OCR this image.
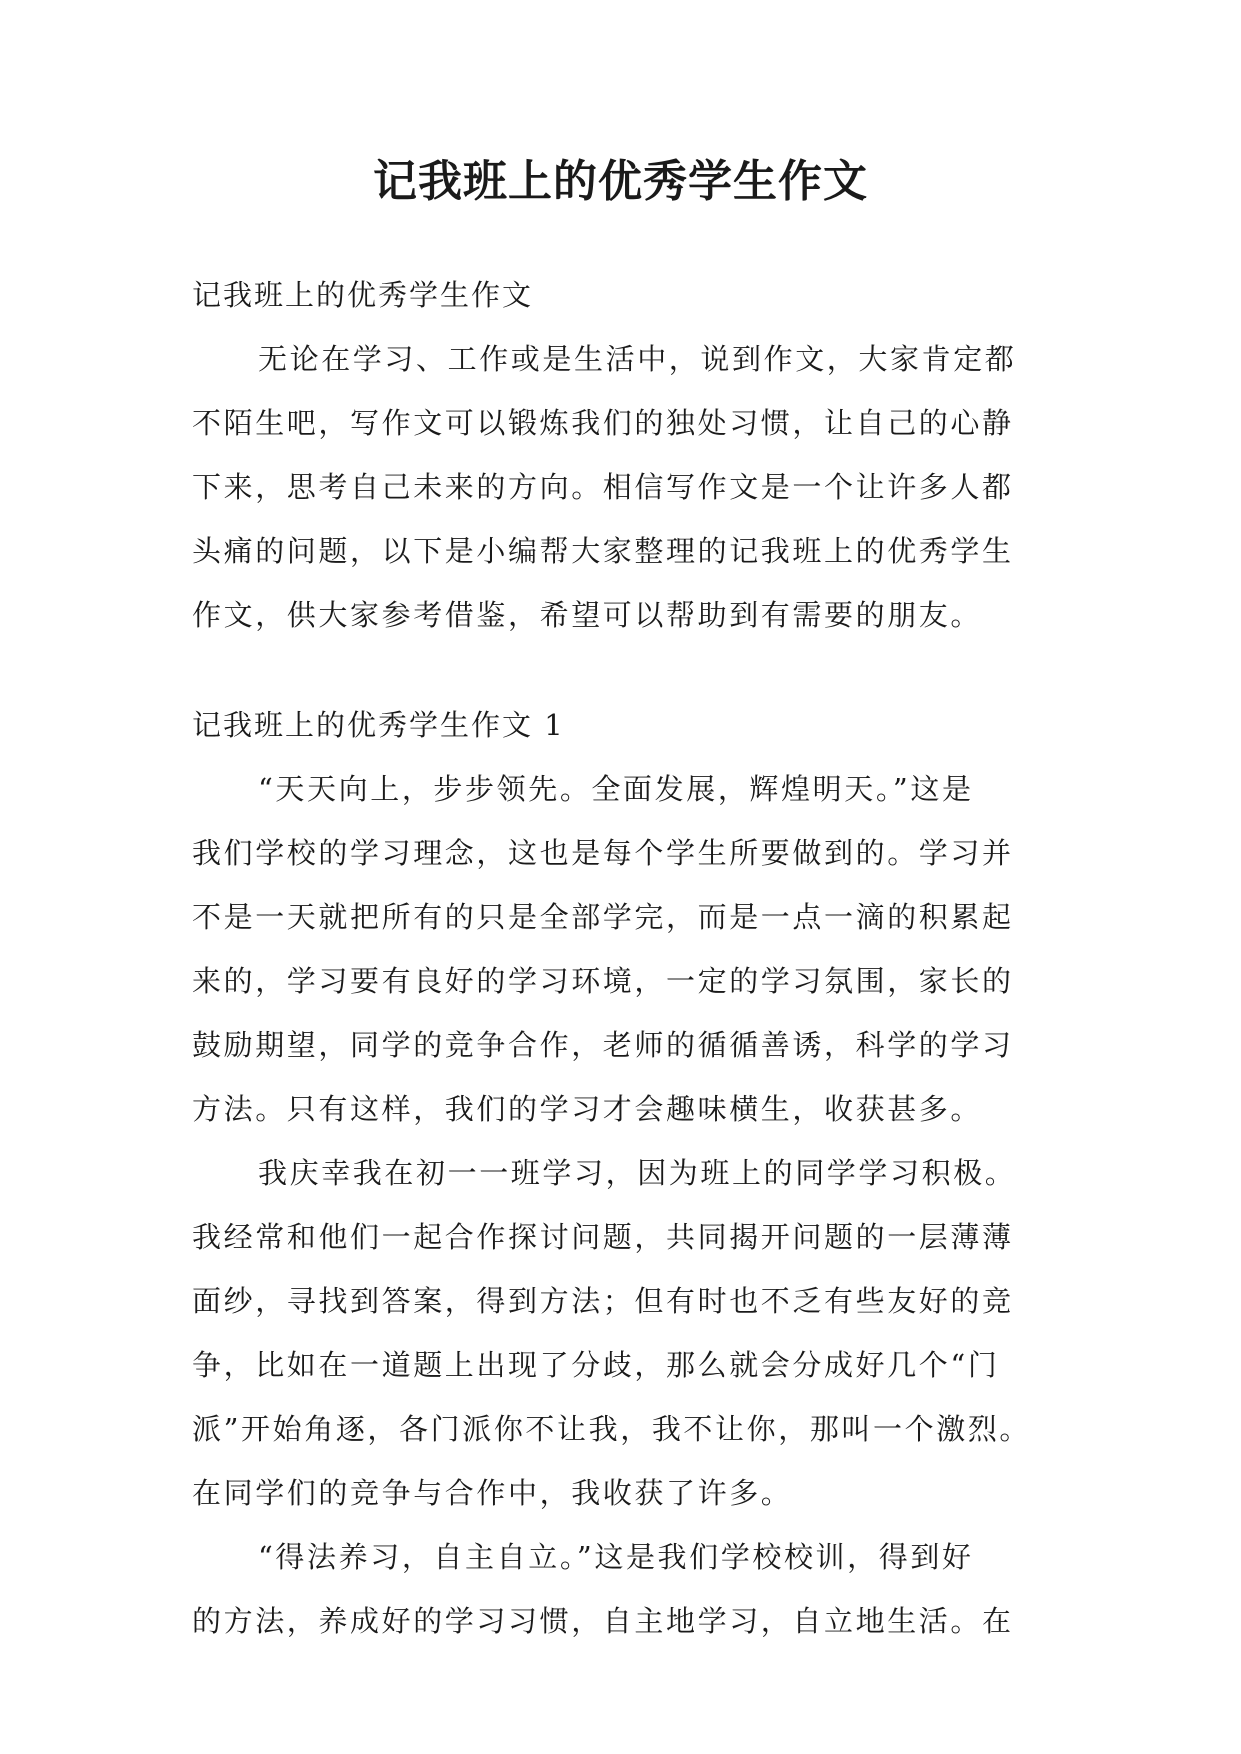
记我班上的优秀学生作文
记我班上的优秀学生作文
无论在学习、工作或是生活中，说到作文，大家肯定都
不陌生吧，写作文可以锻炼我们的独处习惯，让自己的心静
下来，思考自己未来的方向。相信写作文是一个让许多人都
头痛的问题，以下是小编帮大家整理的记我班上的优秀学生
作文，供大家参考借鉴，希望可以帮助到有需要的朋友。
记我班上的优秀学生作文 1
“天天向上，步步领先。全面发展，辉煌明天。”这是
我们学校的学习理念，这也是每个学生所要做到的。学习并
不是一天就把所有的只是全部学完，而是一点一滴的积累起
来的，学习要有良好的学习环境，一定的学习氛围，家长的
鼓励期望，同学的竞争合作，老师的循循善诱，科学的学习
方法。只有这样，我们的学习才会趣味横生，收获甚多。
我庆幸我在初一一班学习，因为班上的同学学习积极。
我经常和他们一起合作探讨问题，共同揭开问题的一层薄薄
面纱，寻找到答案，得到方法；但有时也不乏有些友好的竞
争，比如在一道题上出现了分歧，那么就会分成好几个“门
派”开始角逐，各门派你不让我，我不让你，那叫一个激烈。
在同学们的竞争与合作中，我收获了许多。
“得法养习，自主自立。”这是我们学校校训，得到好
的方法，养成好的学习习惯，自主地学习，自立地生活。在
